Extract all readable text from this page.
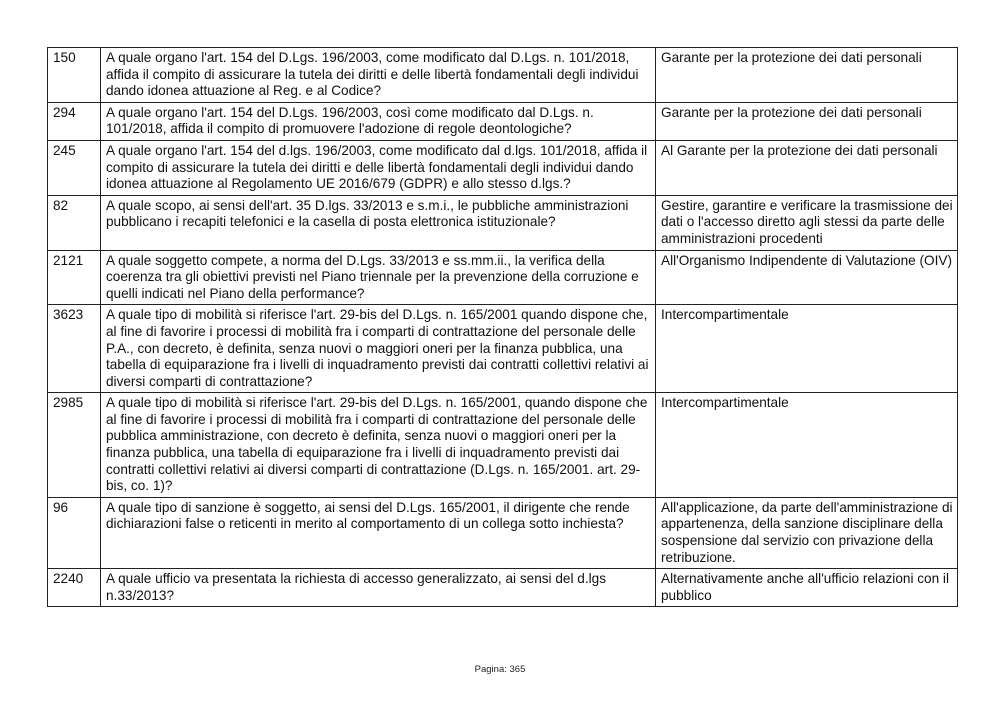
150	A quale organo l'art. 154 del D.Lgs. 196/2003, come modificato dal D.Lgs. n. 101/2018, affida il compito di assicurare la tutela dei diritti e delle libertà fondamentali degli individui dando idonea attuazione al Reg. e al Codice?	Garante per la protezione dei dati personali
294	A quale organo l'art. 154 del D.Lgs. 196/2003, così come modificato dal D.Lgs. n. 101/2018, affida il compito di promuovere l'adozione di regole deontologiche?	Garante per la protezione dei dati personali
245	A quale organo l'art. 154 del d.lgs. 196/2003, come modificato dal d.lgs. 101/2018, affida il compito di assicurare la tutela dei diritti e delle libertà fondamentali degli individui dando idonea attuazione al Regolamento UE 2016/679 (GDPR) e allo stesso d.lgs.?	Al Garante per la protezione dei dati personali
82	A quale scopo, ai sensi dell'art. 35 D.lgs. 33/2013 e s.m.i., le pubbliche amministrazioni pubblicano i recapiti telefonici e la casella di posta elettronica istituzionale?	Gestire, garantire e verificare la trasmissione dei dati o l'accesso diretto agli stessi da parte delle amministrazioni procedenti
2121	A quale soggetto compete, a norma del D.Lgs. 33/2013 e ss.mm.ii., la verifica della coerenza tra gli obiettivi previsti nel Piano triennale per la prevenzione della corruzione e quelli indicati nel Piano della performance?	All'Organismo Indipendente di Valutazione (OIV)
3623	A quale tipo di mobilità si riferisce l'art. 29-bis del D.Lgs. n. 165/2001 quando dispone che, al fine di favorire i processi di mobilità fra i comparti di contrattazione del personale delle P.A., con decreto, è definita, senza nuovi o maggiori oneri per la finanza pubblica, una tabella di equiparazione fra i livelli di inquadramento previsti dai contratti collettivi relativi ai diversi comparti di contrattazione?	Intercompartimentale
2985	A quale tipo di mobilità si riferisce l'art. 29-bis del D.Lgs. n. 165/2001, quando dispone che al fine di favorire i processi di mobilità fra i comparti di contrattazione del personale delle pubblica amministrazione, con decreto è definita, senza nuovi o maggiori oneri per la finanza pubblica, una tabella di equiparazione fra i livelli di inquadramento previsti dai contratti collettivi relativi ai diversi comparti di contrattazione (D.Lgs. n. 165/2001. art. 29-bis, co. 1)?	Intercompartimentale
96	A quale tipo di sanzione è soggetto, ai sensi del D.Lgs. 165/2001, il dirigente che rende dichiarazioni false o reticenti in merito al comportamento di un collega sotto inchiesta?	All'applicazione, da parte dell'amministrazione di appartenenza, della sanzione disciplinare della sospensione dal servizio con privazione della retribuzione.
2240	A quale ufficio va presentata la richiesta di accesso generalizzato, ai sensi del d.lgs n.33/2013?	Alternativamente anche all'ufficio relazioni con il pubblico
Pagina: 365
